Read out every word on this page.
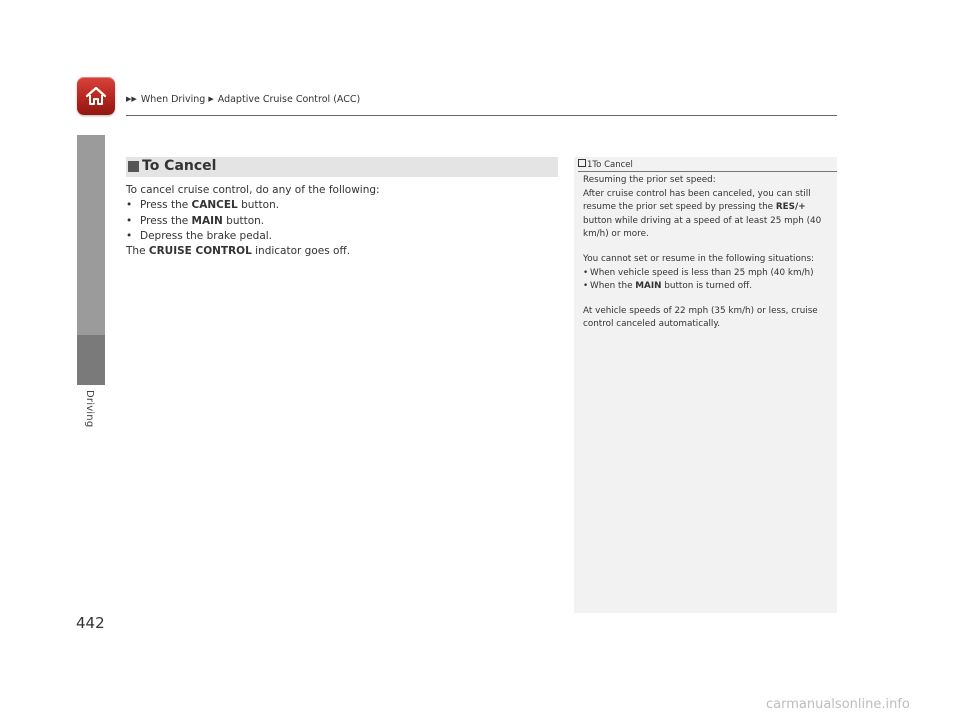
▶▶ When Driving ▶ Adaptive Cruise Control (ACC)
Driving
To Cancel

To cancel cruise control, do any of the following:

• Press the CANCEL button.

• Press the MAIN button.

• Depress the brake pedal.

The CRUISE CONTROL indicator goes off.

1To Cancel

Resuming the prior set speed:

After cruise control has been canceled, you can still

resume the prior set speed by pressing the RES/+

button while driving at a speed of at least 25 mph (40

km/h) or more.

You cannot set or resume in the following situations:

• When vehicle speed is less than 25 mph (40 km/h)

• When the MAIN button is turned off.

At vehicle speeds of 22 mph (35 km/h) or less, cruise

control canceled automatically.

442
carmanualsonline.info
